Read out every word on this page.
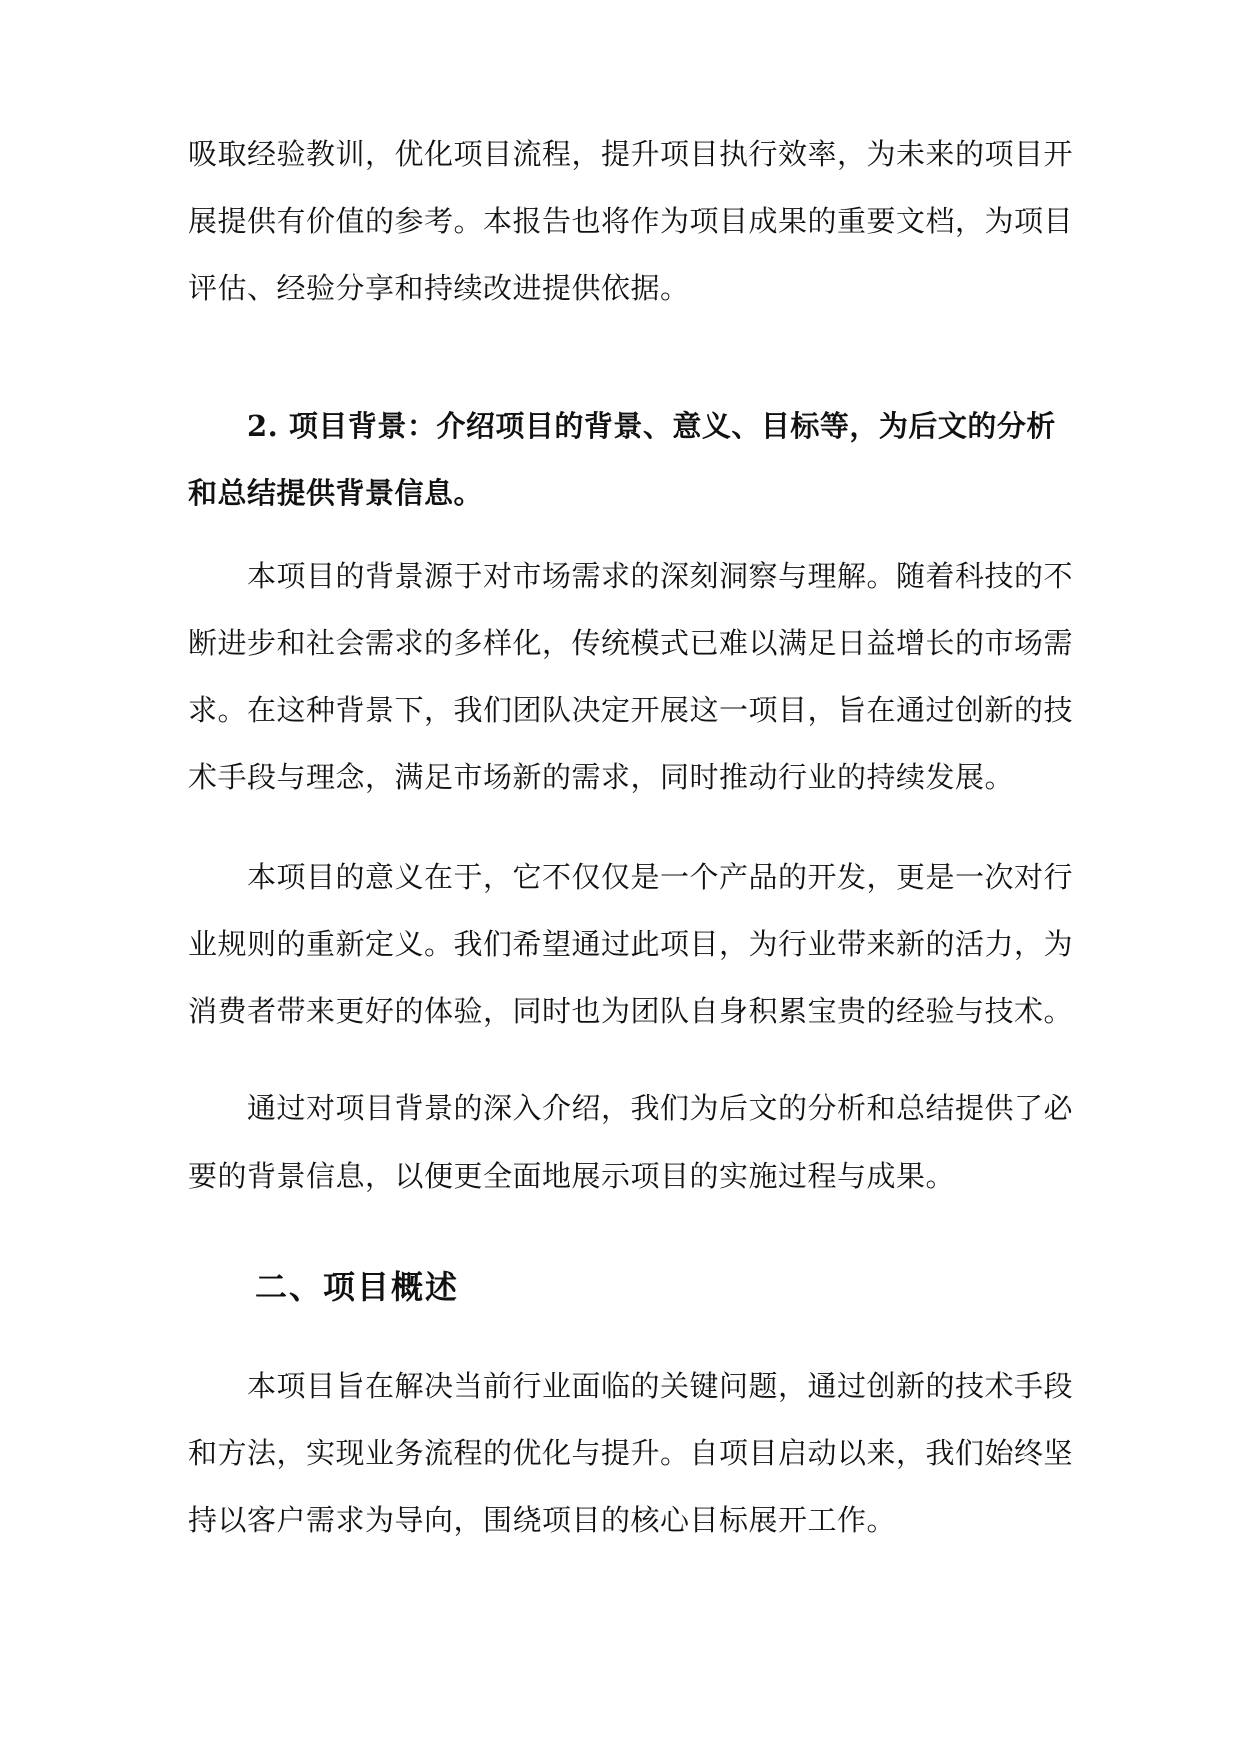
吸取经验教训，优化项目流程，提升项目执行效率，为未来的项目开

展提供有价值的参考。本报告也将作为项目成果的重要文档，为项目

评估、经验分享和持续改进提供依据。

2. 项目背景：介绍项目的背景、意义、目标等，为后文的分析

和总结提供背景信息。

本项目的背景源于对市场需求的深刻洞察与理解。随着科技的不

断进步和社会需求的多样化，传统模式已难以满足日益增长的市场需

求。在这种背景下，我们团队决定开展这一项目，旨在通过创新的技

术手段与理念，满足市场新的需求，同时推动行业的持续发展。

本项目的意义在于，它不仅仅是一个产品的开发，更是一次对行

业规则的重新定义。我们希望通过此项目，为行业带来新的活力，为

消费者带来更好的体验，同时也为团队自身积累宝贵的经验与技术。

通过对项目背景的深入介绍，我们为后文的分析和总结提供了必

要的背景信息，以便更全面地展示项目的实施过程与成果。

二、项目概述

本项目旨在解决当前行业面临的关键问题，通过创新的技术手段

和方法，实现业务流程的优化与提升。自项目启动以来，我们始终坚

持以客户需求为导向，围绕项目的核心目标展开工作。
